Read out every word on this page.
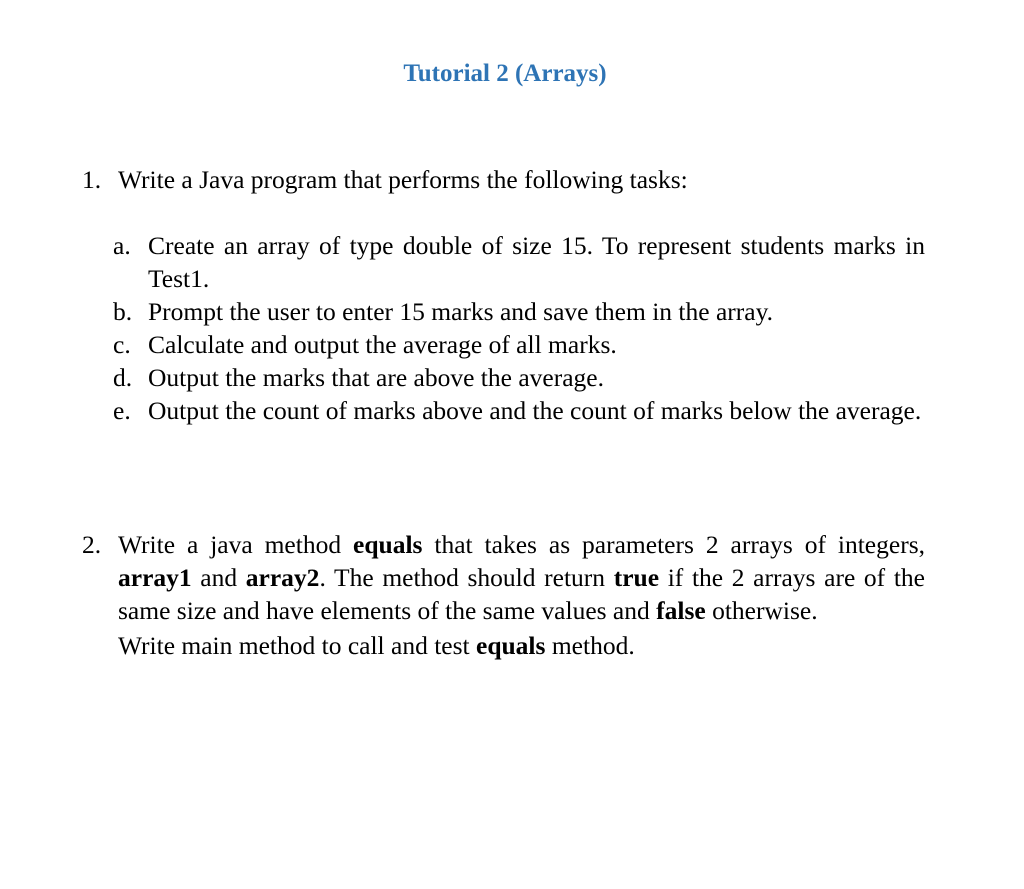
Tutorial 2 (Arrays)
1. Write a Java program that performs the following tasks:
a. Create an array of type double of size 15. To represent students marks in Test1.
b. Prompt the user to enter 15 marks and save them in the array.
c. Calculate and output the average of all marks.
d. Output the marks that are above the average.
e. Output the count of marks above and the count of marks below the average.
2. Write a java method equals that takes as parameters 2 arrays of integers, array1 and array2. The method should return true if the 2 arrays are of the same size and have elements of the same values and false otherwise.
Write main method to call and test equals method.
